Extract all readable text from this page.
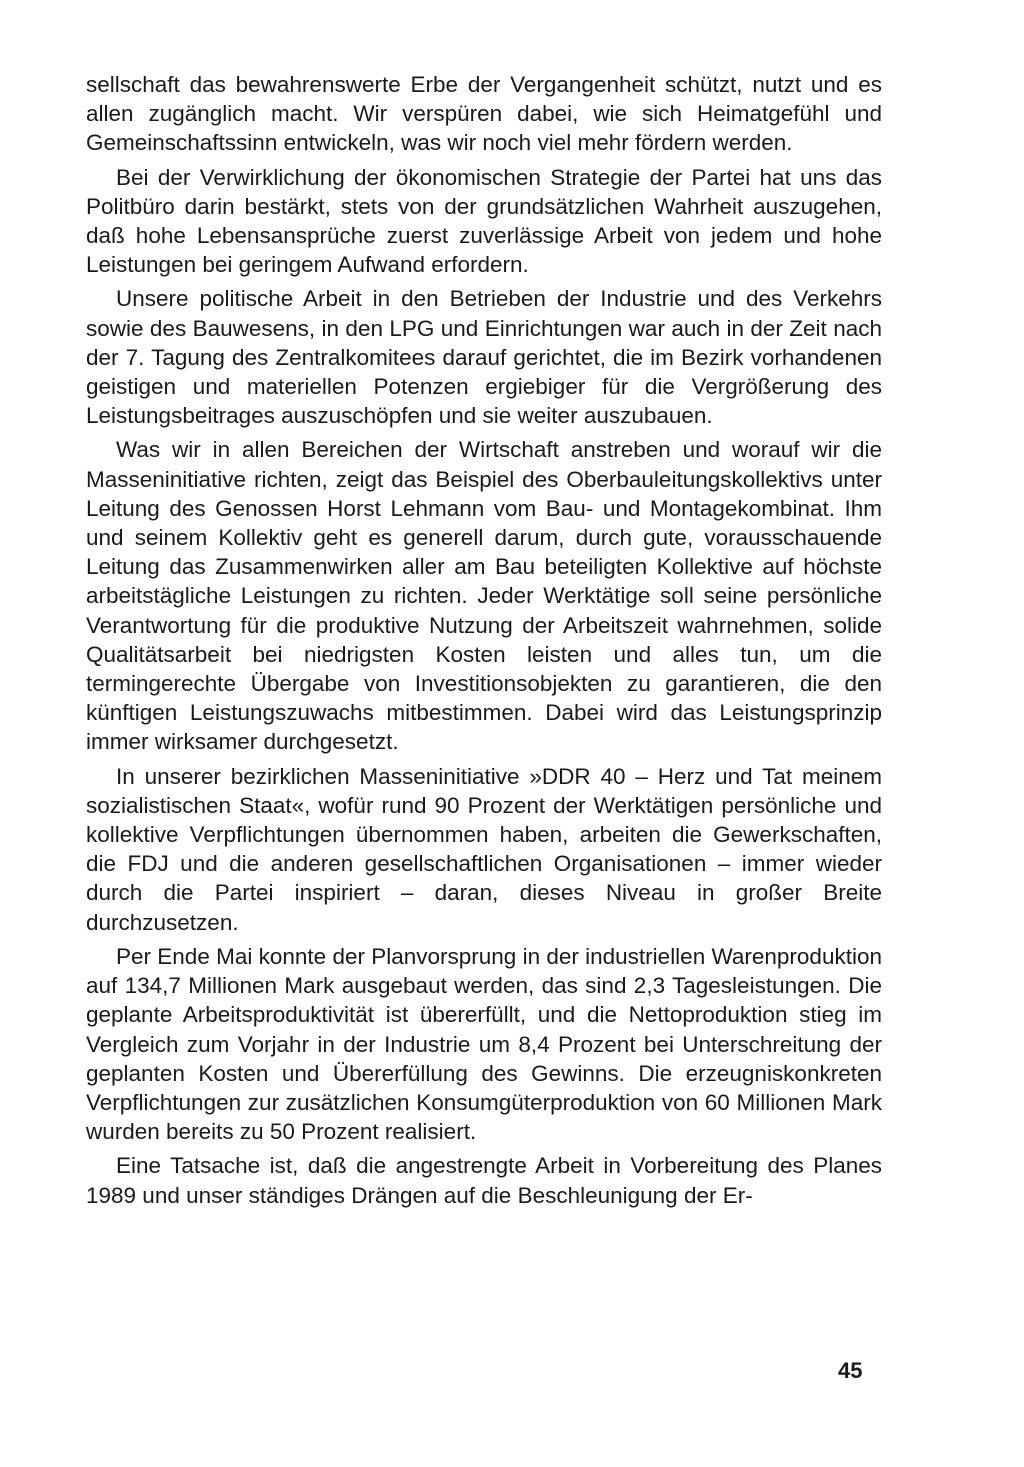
sellschaft das bewahrenswerte Erbe der Vergangenheit schützt, nutzt und es allen zugänglich macht. Wir verspüren dabei, wie sich Heimatgefühl und Gemeinschaftssinn entwickeln, was wir noch viel mehr fördern werden.

Bei der Verwirklichung der ökonomischen Strategie der Partei hat uns das Politbüro darin bestärkt, stets von der grundsätzlichen Wahrheit auszugehen, daß hohe Lebensansprüche zuerst zuverlässige Arbeit von jedem und hohe Leistungen bei geringem Aufwand erfordern.

Unsere politische Arbeit in den Betrieben der Industrie und des Verkehrs sowie des Bauwesens, in den LPG und Einrichtungen war auch in der Zeit nach der 7. Tagung des Zentralkomitees darauf gerichtet, die im Bezirk vorhandenen geistigen und materiellen Potenzen ergiebiger für die Vergrößerung des Leistungsbeitrages auszuschöpfen und sie weiter auszubauen.

Was wir in allen Bereichen der Wirtschaft anstreben und worauf wir die Masseninitiative richten, zeigt das Beispiel des Oberbauleitungskollektivs unter Leitung des Genossen Horst Lehmann vom Bau- und Montagekombinat. Ihm und seinem Kollektiv geht es generell darum, durch gute, vorausschauende Leitung das Zusammenwirken aller am Bau beteiligten Kollektive auf höchste arbeitstägliche Leistungen zu richten. Jeder Werktätige soll seine persönliche Verantwortung für die produktive Nutzung der Arbeitszeit wahrnehmen, solide Qualitätsarbeit bei niedrigsten Kosten leisten und alles tun, um die termingerechte Übergabe von Investitionsobjekten zu garantieren, die den künftigen Leistungszuwachs mitbestimmen. Dabei wird das Leistungsprinzip immer wirksamer durchgesetzt.

In unserer bezirklichen Masseninitiative »DDR 40 – Herz und Tat meinem sozialistischen Staat«, wofür rund 90 Prozent der Werktätigen persönliche und kollektive Verpflichtungen übernommen haben, arbeiten die Gewerkschaften, die FDJ und die anderen gesellschaftlichen Organisationen – immer wieder durch die Partei inspiriert – daran, dieses Niveau in großer Breite durchzusetzen.

Per Ende Mai konnte der Planvorsprung in der industriellen Warenproduktion auf 134,7 Millionen Mark ausgebaut werden, das sind 2,3 Tagesleistungen. Die geplante Arbeitsproduktivität ist übererfüllt, und die Nettoproduktion stieg im Vergleich zum Vorjahr in der Industrie um 8,4 Prozent bei Unterschreitung der geplanten Kosten und Übererfüllung des Gewinns. Die erzeugniskonkreten Verpflichtungen zur zusätzlichen Konsumgüterproduktion von 60 Millionen Mark wurden bereits zu 50 Prozent realisiert.

Eine Tatsache ist, daß die angestrengte Arbeit in Vorbereitung des Planes 1989 und unser ständiges Drängen auf die Beschleunigung der Er-

45
